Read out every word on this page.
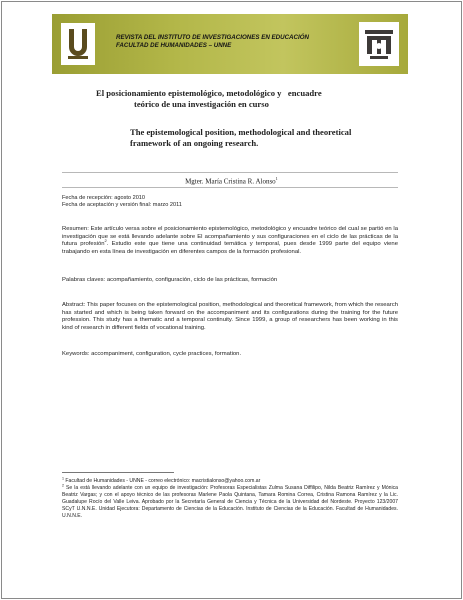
REVISTA DEL INSTITUTO DE INVESTIGACIONES EN EDUCACIÓN
FACULTAD DE HUMANIDADES – UNNE
El posicionamiento epistemológico, metodológico y   encuadre
teórico de una investigación en curso
The epistemological position, methodological and theoretical
framework of an ongoing research.
Mgter. María Cristina R. Alonso$^1$
Fecha de recepción: agosto 2010
Fecha de aceptación y versión final: marzo 2011
Resumen: Este artículo versa sobre el posicionamiento epistemológico, metodológico y encuadre teórico del cual se partió en la investigación que se está llevando adelante sobre El acompañamiento y sus configuraciones en el ciclo de las prácticas de la futura profesión$^2$. Estudio este que tiene una continuidad temática y temporal, pues desde 1999 parte del equipo viene trabajando en esta línea de investigación en diferentes campos de la formación profesional.
Palabras claves: acompañamiento, configuración, ciclo de las prácticas, formación
Abstract: This paper focuses on the epistemological position, methodological and theoretical framework, from which the research has started and which is being taken forward on the accompaniment and its configurations during the training for the future profession. This study has a thematic and a temporal continuity. Since 1999, a group of researchers has been working in this kind of research in different fields of vocational training.
Keywords: accompaniment, configuration, cycle practices, formation.
$^1$ Facultad de Humanidades - UNNE - correo electrónico: macristialonso@yahoo.com.ar
$^2$ Se la está llevando adelante con un equipo de investigación: Profesoras Especialistas Zulma Susana Diffilipo, Nilda Beatriz Ramírez y Mónica Beatriz Vargas; y con el apoyo técnico de las profesoras Marlene Paola Quintana, Tamara Romina Correa, Cristina Ramona Ramírez y la Lic. Guadalupe Rocío del Valle Leiva. Aprobado por la Secretaría General de Ciencia y Técnica de la Universidad del Nordeste. Proyecto 123/2007 SCyT U.N.N.E. Unidad Ejecutora: Departamento de Ciencias de la Educación. Instituto de Ciencias de la Educación. Facultad de Humanidades. U.N.N.E.
